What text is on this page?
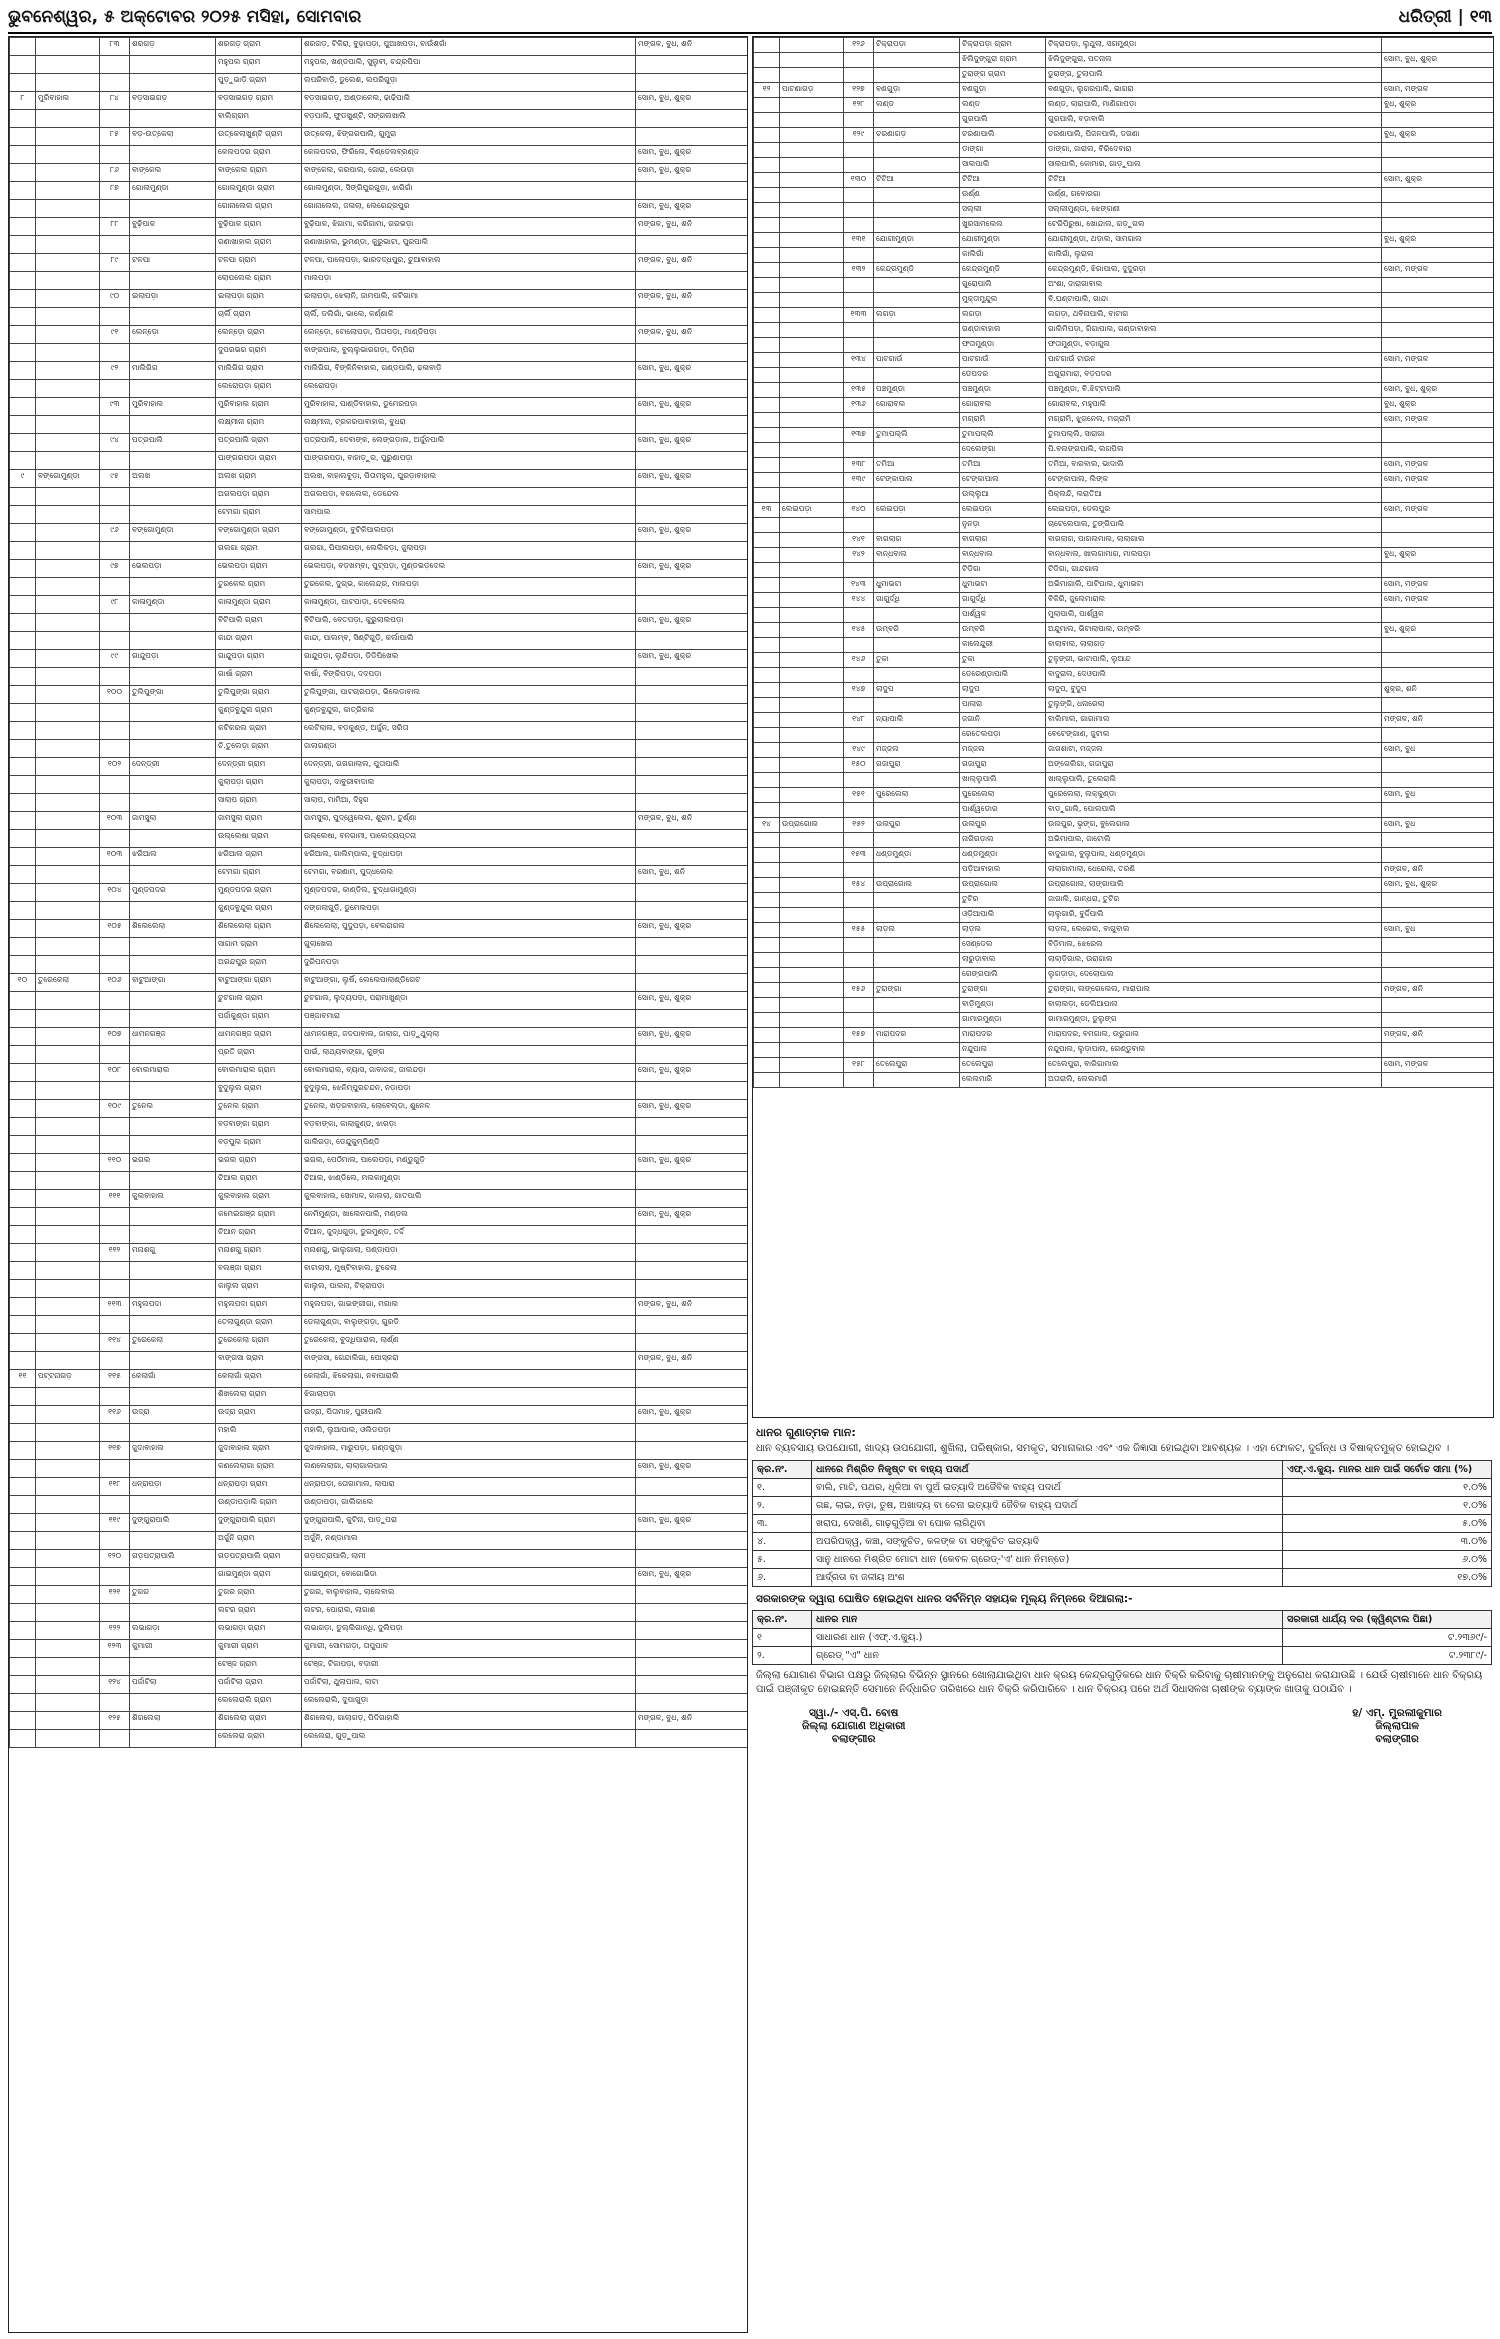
ଭୁବନେଶ୍ୱର, ୫ ଅକ୍ଟୋବର ୨୦୨୫ ମସିହା, ସୋମବାର	ଧରିତ୍ରୀ | ୧୩
		୮୩	ଶରଗଡ଼	ଶରଗଡ଼ ଗ୍ରାମ	ଶରଗଡ଼, ଟିକିରା, ବୁଢ଼ାପଡ଼ା, ପୁଆଖପଡ଼ା, ବାଉଁଶଗାଁ	ମଙ୍ଗଳ, ବୁଧ, ଶନି
				ମହୁପଲ ଗ୍ରାମ	ମହୁପଲ, ଖଣ୍ଡପାଲି, ସୁଲୁବୀ, ଚନ୍ଦ୍ରପିପା	
				ପୁଡ଼ୁଭାଡ଼ି ଗ୍ରାମ	ଲପରିବାଡ଼ି, ଡୁଲେଶ, ଲପରିଗୁଡ଼ା	
୮	ମୁରିବାହାଲ	୮୪	ବଡ଼ସାଇଗଡ଼	ବଡ଼ସାଇଗଡ଼ ଗ୍ରାମ	ବଡ଼ସାଇଗଡ଼, ଅଣ୍ଡାଳେଲ, ଢାଢିପାଲି	ସୋମ, ବୁଧ, ଶୁକ୍ର
				ବାଲିଗ୍ରାମ	ବଡ଼ପାଲି, ଫୁଡଖୁଣ୍ଟି, ସଙ୍ଗଲଖାଲି	
		୮୫	ବଡ଼-ଉତ୍କେଲା	ଉତ୍କେଲାଖୁଣ୍ଟି ଗ୍ରାମ	ଉତ୍କେଲା, ଝିଙ୍ଗରପାଲି, ଗୁମୁରା	
				କେଲପଦର ଗ୍ରାମ	କେଲପଦର, ଫିରିଲେ, ବିଣ୍ଡେଲବ୍ରଣ୍ଡ	ସୋମ, ବୁଧ, ଶୁକ୍ର
		୮୬	ବାଙ୍କେଲ	ବାଙ୍କେଲ ଗ୍ରାମ	ବାଙ୍କେଲ, କରପାଲ, ଜୋରା, ଲେଉଡ଼ା	ସୋମ, ବୁଧ, ଶୁକ୍ର
		୮୭	ଗୋଲମୁଣ୍ଡା	ଗୋଲମୁଣ୍ଡା ଗ୍ରାମ	ଗୋଲମୁଣ୍ଡା, ସିଙ୍ଗିପୁରଗୁଡ଼ା, ଝାରିଗାଁ	
				ଗୋନାଲେଲ ଗ୍ରାମ	ଗୋନାଲେଲ, ଜଳାଲା, ଲେରେନ୍ଦ୍ରପୁର	ସୋମ, ବୁଧ, ଶୁକ୍ର
		୮୮	ବୁଢ଼ିପାଳ	ବୁଢ଼ିପାଳ ଗ୍ରାମ	ବୁଢ଼ିପାଳ, ଝିଗାମା, କରିଗାମା, ଗରଭଡ଼ା	ମଙ୍ଗଳ, ବୁଧ, ଶନି
				ରଣାଖାହାଲ ଗ୍ରାମ	ରଣାଖାହାଲ, ଭୁମଣ୍ଡା, କୁରୁଭାଟା, ପୁରପାଲି	
		୮୯	ଟଳପା	ଟଳପା ଗ୍ରାମ	ଟଳପା, ପାଲୋପଡ଼ା, ଭାରଦଦ୍ଧପୁର, ଚୁଆବାହାଲ	ମଙ୍ଗଳ, ବୁଧ, ଶନି
				ଲୋପଲେଲ ଗ୍ରାମ	ମାଲପଡ଼ା	
		୯୦	ଇଲାପଡ଼ା	ଇଲାପଡ଼ା ଗ୍ରାମ	ଇଲାପଡ଼ା, ଝେଲାନି, ଜାମପାଲି, କଟିଗାମା	ମଙ୍ଗଳ, ବୁଧ, ଶନି
				ଚାର୍ଲି ଗ୍ରାମ	ଚାର୍ଲି, ଡଲିଗାଁ, ଭାଲେ, କର୍ଣ୍ଣାଳି	
		୯୧	ଲେନ୍‌ଡ଼ୋ	ଲେନ୍‌ଡ଼ୋ ଗ୍ରାମ	ଲେନ୍‌ଡ଼ୋ, ଟୋଲୋପଡ଼ା, ପିତାପଡ଼ା, ମାଣ୍ଡିପଡ଼ା	ମଙ୍ଗଳ, ବୁଧ, ଶନି
				ଦୁପରଭର ଗ୍ରାମ	ବାଙ୍ଗପାଲ, ବୁଲ୍ଲୁଭାରଗଡ଼ା, ଦିମ୍ପିରା	
		୯୨	ମାଲିଗିଗ	ମାଲିଗିଗ ଗ୍ରାମ	ମାଲିଗିଗ, ବିଙ୍କିନିବାହାଲ, ଗଣ୍ଡପାଲି, ଢଳାବାଡ଼ି	ସୋମ, ବୁଧ, ଶୁକ୍ର
				ଲେରୋପଡ଼ା ଗ୍ରାମ	ଲେରୋପଡ଼ା	
		୯୩	ମୁରିବାହାଲ	ମୁରିବାହାଲ ଗ୍ରାମ	ମୁରିବାହାଲ, ପାଣ୍ଡିବାହାଲ, ଡୁମେରପଡ଼ା	ସୋମ, ବୁଧ, ଶୁକ୍ର
				ଲକ୍ଷ୍ମୀନା ଗ୍ରାମ	ଲକ୍ଷ୍ମୀନା, ଟ୍ରକରପାବାହାଲ, ବୁଧରା	
		୯୪	ପତ୍ରପାଲି	ପତ୍ରପାଲି ଗ୍ରାମ	ପତ୍ରପାଲି, ଦେବାଙ୍କ, ଲେଙ୍ଗଡ଼ାଲ, ଅର୍ଜୁନପାଲି	ସୋମ, ବୁଧ, ଶୁକ୍ର
				ଘାଙ୍ଗରପଡ଼ା ଗ୍ରାମ	ଘାଙ୍ଗରପଡ଼ା, ବାହାଡ଼ୁର, ପୁରୁଣାପଡ଼ା	
୯	ବଙ୍ଗୋମୁଣ୍ଡା	୯୫	ଅଲଖ	ଅଲଖ ଗ୍ରାମ	ଅଲଖ, ବାହାଲବୁଡ଼ା, ପିତାମହୁଲ, ଘୁରଡ଼ାବାହାଲ	ସୋମ, ବୁଧ, ଶୁକ୍ର
				ଅଗଲପଡ଼ା ଗ୍ରାମ	ଅଗଲପଡ଼ା, ବଗଲେଲ, ଡେନ୍ଦେଲ	
				ଟେମଗା ଗ୍ରାମ	ସାମପାଲ	
		୯୬	ବଙ୍ଗୋମୁଣ୍ଡା	ବଙ୍ଗୋମୁଣ୍ଡା ଗ୍ରାମ	ବଙ୍ଗୋମୁଣ୍ଡା, ବୁଟିକିପାଲପଡ଼ା	ସୋମ, ବୁଧ, ଶୁକ୍ର
				ଗଲଗା ଗ୍ରାମ	ଗଲଗା, ପିପାଲପଡ଼ା, ଲେଲିକଡ଼ା, ଜୁଲାପଡ଼ା	
		୯୭	ଭେଲପଡ଼ା	ଭେଲପଡ଼ା ଗ୍ରାମ	ଭେଲପଡ଼ା, ବଡ଼ଖମ୍ବା, ପୁଟ୍‌ପଡ଼ା, ମୁଣ୍ଡଭଡ଼ଦେଲ	ସୋମ, ବୁଧ, ଶୁକ୍ର
				ତୁରକେଲ ଗ୍ରାମ	ତୁରକେଲ, ଦୁଗ୍‌ଭ, କାଲେନ୍ଦ୍ର, ମାଲପଡ଼ା	
		୯୮	କାଳାମୁଣ୍ଡା	କାଳାମୁଣ୍ଡା ଗ୍ରାମ	କାଳାମୁଣ୍ଡା, ପାଟପାଡ଼ା, ଦେବଲେଲ	
				ବିଟିପାଲି ଗ୍ରାମ	ବିଟିପାଲି, ବେତପଡ଼ା, କୁରୁଲାଲପଡ଼ା	ସୋମ, ବୁଧ, ଶୁକ୍ର
				କାନ୍ଦା ଗ୍ରାମ	କାନ୍ଦା, ପାଲମ୍ବ, ସିଣ୍ଟିଗୁଡ଼ି, କର୍ଲାପାଲି	
		୯୯	ଗାନ୍ଦୁପଡ଼ା	ଗାନ୍ଦୁପଡ଼ା ଗ୍ରାମ	ଗାନ୍ଦୁପଡ଼ା, ଲୁନ୍ଦିପଡ଼ା, ଡିଡିପିଖେଲ	ସୋମ, ବୁଧ, ଶୁକ୍ର
				ଗାର୍ଷା ଗ୍ରାମ	ବାର୍ଷା, ବିଙ୍କିପଡ଼ା, ଦଦପଡ଼ା	
		୧୦୦	ତୁଲିପୁଙ୍ଗା	ତୁଲିପୁଙ୍ଗା ଗ୍ରାମ	ତୁଲିପୁଙ୍ଗା, ପାଟଚାରପଡ଼ା, ଭିଲେଡାବାଲ	
				କୁଣ୍ଡବୁନ୍ଦୁଲ ଗ୍ରାମ	କୁଣ୍ଡବୁନ୍ଦୁଲ, କାତ୍ରିକଲ	
				କଟିକରଲ ଗ୍ରାମ	ଲେଟିଲାଲ, ବଡ଼କୁଣ୍ଡ, ଅର୍ଜୁନ, ସରିତା	
				ଚି.ତୁଲେଡ଼ା ଗ୍ରାମ	ଜାଲାଗଣ୍ଡା	
		୧୦୨	ଦେନ୍‌ଡ୍ରୀ	ଦେନ୍‌ଡ୍ରୀ ଗ୍ରାମ	ଦେନ୍‌ଡ୍ରୀ, ଗଗଗାଲାଲ, ପୁତାପାଲି	
				କୁଲାପଡ଼ା ଗ୍ରାମ	କୁଲାପଡ଼ା, ଦାବୁରୀବାଦାଲ	
				ସାଲାପ ଗ୍ରାମ	ସାଲାପ, ମାମିଆ, ଦିହୁର	
		୧୦୩	ଜାମସୁଲା	ଜାମସୁଲା ଗ୍ରାମ	ଜାମସୁଲା, ପୁଦ୍ୱେଲେଲ, ଶୁରାମ, ତୁର୍ଣ୍ଣା	ମଙ୍ଗଳ, ବୁଧ, ଶନି
				ଉଲ୍ଲେଷା ଗ୍ରାମ	ଉଲ୍ଲେଷା, ବନଗାମୀ, ପାଲେଦ୍ୟପ୍ତନା	
		୧୦୩	ଝରିଆଲ	ଝରିଆଲ ଗ୍ରାମ	ଝରିଆଲ, ଗାଲିମ୍ପାଲ, ବୁଦ୍ଧାପଡ଼ା	
				ଟେମଗା ଗ୍ରାମ	ଟେମଗା, ବରଣାମ, ପୁଦ୍ଧଲେଲ	ସୋମ, ବୁଧ, ଶନି
		୧୦୪	ମୁଣ୍ଡପଦର	ମୁଣ୍ଡପଦର ଗ୍ରାମ	ମୁଣ୍ଡପଦର, କାଣ୍ଡିଲ, ବୁଦ୍ଧାଗାମୁଣ୍ଡା	
				କୁଣ୍ଡବୁନ୍ଦୁଲ ଗ୍ରାମ	ନଙ୍ଗଲାଗୁଡ଼ି, ଡୁମେଲପଡ଼ା	
		୧୦୫	ଶିଲେଲେଲା	ଶିଲେଲେଲା ଗ୍ରାମ	ଶିଲେଲେଲା, ପୁଦୁପଡ଼ା, ବେଲରାଗଲ	ସୋମ, ବୁଧ, ଶୁକ୍ର
				ସାଗାମ ଗ୍ରାମ	ଗୁଲାଖେଲ	
				ଅରନ୍ଦପୁର ଗ୍ରାମ	ଦୁରିପନପଡ଼ା	
୧୦	ତୁରେକେଲା	୧୦୬	ବାଟୁଆଙ୍ଗା	ବାଟୁଆଙ୍ଗା ଗ୍ରାମ	ବାଟୁଆଙ୍ଗା, ଲୁର୍ଷି, ଲେଲେପାଲାଣ୍ଡିଗେଟ	
				ଚୁଟଗାଲ ଗ୍ରାମ	ଚୁଟଗାଲ, ଲୁଦ୍ୟପଡ଼ା, ପରାମାଖୁଣ୍ଡା	ସୋମ, ବୁଧ, ଶୁକ୍ର
				ପର୍ଜାକୁଣ୍ଡା ଗ୍ରାମ	ପଞ୍ଜାବମାରା	
		୧୦୭	ଧାମନଗଞ୍ଜ	ଧାମନଗଞ୍ଜ ଗ୍ରାମ	ଧାମନଗଞ୍ଜ, ଜଦପାବାଲ, ଜାଲାଗ, ପାଡ଼ୁଥୁଲ୍ଲା	ସୋମ, ବୁଧ, ଶୁକ୍ର
				ପ୍ରତି ଗ୍ରାମ	ପାଇଁ, ଲାଥ୍ୟବାଙ୍ଗା, କୁଙ୍ଗ	
		୧୦୮	ବୋଲମାରାଲ	ବୋଲମାରାଲ ଗ୍ରାମ	ବୋଲମାରାଲ, ବ୍ୟାସ, ଜାବାଜକ, ଜାଲନ୍ଦଡ଼ା	ସୋମ, ବୁଧ, ଶୁକ୍ର
				ବୁଦୁଲୁଲ ଗ୍ରାମ	ବୁଦୁଲୁଲ, ଝେନିମ୍ପୁରଚନ୍ଦନ, ନଡ଼ାପଡ଼ା	
		୧୦୯	ତୁନେଲ	ତୁନେଲ ଗ୍ରାମ	ତୁନେଲ, ଖଡ଼ଗବାହାଲ, ଲୋବେଲ୍ଡା, ଶୁନେଳ	ସୋମ, ବୁଧ, ଶୁକ୍ର
				ବଡ଼ବାଙ୍କା ଗ୍ରାମ	ବଡ଼ବାଙ୍କା, କାଲାକୁଣ୍ଡ, ଝାରଡ଼ା	
				ବଡ଼ପୁଲ ଗ୍ରାମ	ଗାଲିରଡ଼ା, ଡେନ୍ଦୁକୁମ୍ପିଣ୍ଡି	
		୧୧୦	ଭଗଲ	ଭଗଲ ଗ୍ରାମ	ଭଗଲ, ପେଠିମାଲ, ପାଲେପଡ଼ା, ମଣ୍ଡୁଗୁଡ଼ି	ସୋମ, ବୁଧ, ଶୁକ୍ର
				ଚିଆଲ ଗ୍ରାମ	ଚିଆଲ, ଝାଣ୍ଡିଲେ, ମଲକାମୁଣ୍ଡା	
		୧୧୧	କୁଲବାହାଲ	କୁଲବାହାଲ ଗ୍ରାମ	କୁଲବାହାଲ, ସୋମାଳ, କାଲଲା, ଗାତପାଲି	
				କମେଇଗଞ୍ଜ ଗ୍ରାମ	ନେମିମୁଣ୍ଡା, ଖାଲେନପାଲି, ମଣ୍ଡଲ	ସୋମ, ବୁଧ, ଶୁକ୍ର
				ଚିଆନ ଗ୍ରାମ	ଚିଆନ, ଜୁଦ୍ଧଗୁଡ଼ା, ଡୁରମୁଣ୍ଡ, ତର୍ଦ୍ଦି	
		୧୧୨	ମନାଶଗୁ	ମନାଶଗୁ ଗ୍ରାମ	ମନାଶଗୁ, ଭାଲୁଗାଲା, ପଣ୍ଡାପଡ଼ା	
				ବଲଞ୍ଜା ଗ୍ରାମ	ବାଟାଲାସ, ମୁଷ୍ଟିବାହାଲ, ଟୁକେଲା	
				କାଲୁଲ ଗ୍ରାମ	କାଲୁଲ, ପାଲନା, ଟିକ୍ରାପଡ଼ା	
		୧୧୩	ମହୁଲପଦା	ମହୁଲପଦା ଗ୍ରାମ	ମହୁଲପଦା, ଗାଇଙ୍ଗୀଗା, ମଗାଲ	ମଙ୍ଗଳ, ବୁଧ, ଶନି
				ତେଲାଗୁଣ୍ଡା ଗ୍ରାମ	ଡେଲାଗୁଣ୍ଡା, ବାଲୁଙ୍ଗଡ଼ା, ଗୁରଡି	
		୧୧୪	ତୁରେକେଲା	ତୁରେକେଲା ଗ୍ରାମ	ତୁରେକେଲା, ବୁଦ୍ଧିପାରାଲ, ଲାର୍ଣ୍ଣ	
				ବାଙ୍ଗସା ଗ୍ରାମ	ବାଙ୍ଗସା, ଗେନ୍ଦାଲିଗା, ପୋସ୍କରା	ମଙ୍ଗଳ, ବୁଧ, ଶନି
୧୧	ପଟ୍ଟନାଗଡ଼	୧୧୫	କେଲାଗାଁ	କେଲାଗାଁ ଗ୍ରାମ	କେଲାଗାଁ, ଝିକେଲାଗା, ନବାପାରାଲି	
				ଶିଖଲେଲା ଗ୍ରାମ	ଝିଗାଚାପଡ଼ା	
		୧୧୬	ଉଦ୍ରା	ଉଦ୍ରା ଗ୍ରାମ	ଉଦ୍ରା, ପିତାମାହ, ପୁରୀପାଲି	ସୋମ, ବୁଧ, ଶୁକ୍ର
				ମହାଲି	ମହାଲି, ଲୁଆପାଲ, ଓଲିଡପଡ଼ା	
		୧୧୭	ଜୁଦାବାହାଲ	ଜୁଦାବାହାଲ ଗ୍ରାମ	ଜୁଦାବାହାଲ, ମାରୁପଡ଼ା, ଗଣ୍ଡଗୁଡ଼ା	
				କଣଲେଲାଗା ଗ୍ରାମ	ଲଣଲେଲାଗା, ଲାଲାଗାଲପାଲ	ସୋମ, ବୁଧ, ଶୁକ୍ର
		୧୧୮	ଧନ୍‌ରାପଡ଼ା	ଧନ୍‌ରାପଡ଼ା ଗ୍ରାମ	ଧନ୍‌ରାପଡ଼ା, ତୋଗାମାଲ, ଲାପାରା	
				ଉଣ୍ଡାପଡ଼ାଲି ଗ୍ରାମ	ଉଣ୍ଡାପଡ଼ା, ଗାଲିକାଲେ	
		୧୧୯	ଦୁଙ୍ଗୁରାପାଲି	ଦୁଙ୍ଗୁରାପାଲି ଗ୍ରାମ	ଦୁଙ୍ଗୁରାପାଲି, କୁଟିନା, ପାଡ଼ୁପରା	ସୋମ, ବୁଧ, ଶୁକ୍ର
				ଅର୍ଜୁନି ଗ୍ରାମ	ଅର୍ଜୁନି, ନଣ୍ଡାମାଲ	
		୧୨୦	ଗଡ଼ପତ୍ରାପାଲି	ଗଡ଼ପତ୍ରାପାଲି ଗ୍ରାମ	ଗଡ଼ପତ୍ରାପାଲି, ଲାମୀ	
				ଗାଇମୁଣ୍ଡା ଗ୍ରାମ	ଗାଇମୁଣ୍ଡା, ବୋଗୋଭିଡା	ସୋମ, ବୁଧ, ଶୁକ୍ର
		୧୨୧	ତୁଗର	ତୁଗର ଗ୍ରାମ	ତୁଗର, ବାଲୁବାହାଲ, ଲାଲେବାଲ	
				ଲଟର ଗ୍ରାମ	ଲଟର, ପୋରାଲ, ଲାଗାଶ	
		୧୨୨	ଲଭାଗଡ଼ା	ଲଭାଗଡ଼ା ଗ୍ରାମ	ଲଭାଗଡ଼ା, ଡୁଲ୍ଲିଗାନ୍ଧି, ଦୁଲିପଡ଼ା	
		୧୨୩	କୁମାରୀ	କୁମାରୀ ଗ୍ରାମ	କୁମାରୀ, ସୋମଗଡ଼ା, ତାପୁପାଳ	
				ଟେଞ୍ଜ ଗ୍ରାମ	ଟେଞ୍ଜ, ଟିକାପଡ଼ା, ବଡ଼ାରୀ	
		୧୨୪	ପର୍ଜାଟିଲା	ପର୍ଜାଟିଲା ଗ୍ରାମ	ପର୍ଜାଟିଲା, ଥୁଲାପାଲ, ଲାଟା	
				ଲେଲେରାଲି ଗ୍ରାମ	ଲେଲେରାଲି, ଦୁପାଗୁଡ଼ା	
		୧୨୫	ଶିଗଲେଲା	ଶିଗଲେଲା ଗ୍ରାମ	ଶିଗଲେଲା, ଗାଲାଗଡ଼, ପିଦିଗାହାଲି	ମଙ୍ଗଳ, ବୁଧ, ଶନି
				ଲେଲେରା ଗ୍ରାମ	ଲେଲେରା, ଗୁଡ଼ୁପାଲ	
		୧୨୬	ଟିକ୍ରାପଡ଼ା	ଟିକ୍ରାପଡ଼ା ଗ୍ରାମ	ଟିକ୍ରାପଡ଼ା, ଲୁଥୁଲା, ସଗମୁଣ୍ଡା	
				ଝିଲିଦୁଙ୍ଗୁରା ଗ୍ରାମ	ଝିଲିଦୁଙ୍ଗୁରା, ପତନାଲ	ସୋମ, ବୁଧ, ଶୁକ୍ର
				ତୁରାଙ୍ଗ ଗ୍ରାମ	ଡୁରାଙ୍ଗ, ତୁଲାପାଲି	
୧୨	ପାଟଣାଗଡ଼	୧୨୭	ବଣଗୁଡ଼ା	ବଣଗୁଡ଼ା	ବଣଗୁଡ଼ା, ଲୁଗରପାଲି, ଭାଗରା	ସୋମ, ମଙ୍ଗଳ
		୧୨୮	ଲଣ୍ଡ	ଲଣ୍ଡ	ଲଣ୍ଡ, ଲାରାପାଲି, ମାଣିଗାପଡ଼ା	ବୁଧ, ଶୁକ୍ର
				ଗୁରପାଲି	ଗୁରପାଲି, ବଡ଼ାବାଲି	
		୧୨୯	ଚରଣାଗଡ଼	ଚରଣାପାଲି	ଚରଣାପାଲି, ପିଜନପାଲି, ଡଗଣା	ବୁଧ, ଶୁକ୍ର
				ଡାଙ୍ଗା	ଡାଙ୍ଗା, ଜାରାଲ, ବିରିଦେବାରା	
				ସାଲପାଲି	ସାଲପାଲି, କୋମାର, ଗାଡ଼ୁପାଲ	
		୧୩୦	ଟିଟିଆ	ଟିଟିଆ	ଟିଟିଆ	ସୋମ, ଶୁକ୍ର
				ଉର୍ଣ୍ଣ	ଉର୍ଣ୍ଣ, ଗବୋରଗା	
				ସଲ୍ଲୀ	ସଲ୍ଲୀମୁଣ୍ଡା, ଝେଙ୍ଗଣୀ	
				ଖୁରସାମଲେଲ	ଟେରିପିରୁଷା, ଖୋନ୍ଦାଲ, ଗଡ଼ୁଗଲ	
		୧୩୧	ଯୋଗୀମୁଣ୍ଡା	ଯୋଗୀମୁଣ୍ଡା	ଯୋଗୀମୁଣ୍ଡା, ଥଡ଼ାଲ, ସାମଗାଲ	ବୁଧ, ଶୁକ୍ର
				କାଲିଗାଁ	କାଲିଗାଁ, ଲୁରାଲ	
		୧୩୨	କେନ୍ଦ୍ରମୁଣ୍ଡି	କେନ୍ଦ୍ରମୁଣ୍ଡି	କେନ୍ଦ୍ରମୁଣ୍ଡି, ଝିଗାପାଲ, ଦୁଦୁରଡ଼ା	ସୋମ, ମଙ୍ଗଳ
				ଗୁରୋପାଲି	ଅଂଶା, ଦାରାଗାବାଲ	
				ମୁକ୍ତାମୁନ୍ଦୁଲ	ବି.ଘଣ୍ଟାପାଲି, ଗାନ୍ଦା	
		୧୩୩	ଲଗଡ଼ା	ଲଗଡ଼ା	ଲଗଡ଼ା, ଥବିନାପାଲି, ବାଟାଗ	
				ଗଣ୍ଡାବାହାଲ	ଗାଲିମିପଡ଼ା, ଗିଗାପାଲ, ଗଣ୍ଡାବାହାଲ	
				ଫତାମୁଣ୍ଡା	ଫତାମୁଣ୍ଡା, ବଡ଼ାଗୁଲ	
		୧୩୪	ପାଟଗାଉଁ	ପାଟଗାଉଁ	ପାଟଗାଉଁ ଟାଉନ	ସୋମ, ମଙ୍ଗଳ
				ଡେପଦର	ଅଗୁରାମାରା, ବଡ଼ପଦର	
		୧୩୫	ପଞ୍ଚମୁଣ୍ଡା	ପଞ୍ଚମୁଣ୍ଡା	ପଞ୍ଚମୁଣ୍ଡା, ବି.ଝିଟ୍ଟାପାଲି	ସୋମ, ବୁଧ, ଶୁକ୍ର
		୧୩୬	ଗୋରାବଲ	ଗୋରାବଲ	ଗୋରାବଲ, ମହୁପାଲି	ବୁଧ, ଶୁକ୍ର
				ମଗ୍ରାମି	ମଗ୍ରାମି, ଝୁଗନେଲ, ମଗ୍ରାମି	ସୋମ, ମଙ୍ଗଳ
		୧୩୭	ତୁମାପଲ୍ଲି	ତୁମାପଲ୍ଲି	ତୁମାପଲ୍ଲି, ସାରାଗା	
				ଦେଲେଙ୍ଗା	ପି.ବଲଙ୍ଗପାଲି, ଲଗପିଲ	
		୧୩୮	ତମିଆ	ତମିଆ	ତମିଆ, ବାରବାଲ, ଭାଦାଲି	ସୋମ, ମଙ୍ଗଳ
		୧୩୯	ଟେଙ୍କାପାଲ	ଟେଙ୍କାପାଲ	ଟେଙ୍କାପାଲ, ଲିଙ୍କ	ସୋମ, ମଙ୍ଗଳ
				ଉଲ୍ଲୁଆ	ପିକ୍ଲନ୍ଦି, ଲରାତିଆ	
୧୩	ଲେଇପଡ଼ା	୧୪୦	ଲେଇପଡ଼ା	ଲେଇପଡ଼ା	ଲେଇପଡ଼ା, ଡେଲପୁର	ସୋମ, ମଙ୍ଗଳ
				ନୁନଡ଼ା	ଚାଟେଲେପାଲ, ତୁଙ୍ଗିପାଲି	
		୧୪୧	ବାଗଲାଗ	ବାଗଲାଗ	ବାଗଲାଗ, ପାଗଲମାଲ, ଲାଲାଗାଲ	
		୧୪୨	ବାନ୍ଧବାଲ	ବାନ୍ଧବାଲ	ବାନ୍ଧବାଲ, ଖାଲଗାମାଗ, ମାଲପଡ଼ା	ବୁଧ, ଶୁକ୍ର
				ଟିଡିଗା	ଟିଡିଗା, ଗାନ୍ଦଗାଲ	
		୧୪୩	ଧୁମାଭଟା	ଧୁମାଭଟା	ଅଭିମାଗାଲି, ପାଟିପାଲ, ଧୁମାଭଟା	ସୋମ, ମଙ୍ଗଳ
		୧୪୪	ଗାଗୁର୍ଦ୍ଧି	ଗାଗୁର୍ଦ୍ଧି	ବିକିରି, ଜୁଲେମାରାଲ	ସୋମ, ମଙ୍ଗଳ
				ପାର୍ଶ୍ୱଳ	ମୁଲାପାଲି, ପାର୍ଶ୍ୱଳ	
		୧୪୫	ଉମ୍ବରି	ଉମ୍ବରି	ଅନ୍ଦୁମାଲ, ଭିଟାଲାପାଲ, ଉମ୍ବରି	ବୁଧ, ଶୁକ୍ର
				କାଲେନ୍ଦୁରୀ	ବାଲାବାଲ, ଲାଲାଗଡ଼	
		୧୪୬	ତୁକା	ତୁକା	ତୁଳୁଙ୍ଗୀ, ଭାଟାପାଲି, ଲୁଆନ୍ଦ	
				ଡେରେଣ୍ଡାପାଲି	ବାଦୁରାଲ, ଦେଓପାଲି	
		୧୪୭	ଲାଦୁପ	ଲାଦୁପ	ଲାଦୁପ, ବୁଦୁପ	ଶୁକ୍ର, ଶନି
				ପାଲାରା	ତୁଲୁଙ୍ଗି, ଧନାରେଲା	
		୧୪୮	ନ୍ୟାପାଲି	ଜଗାନି	ବାଲିମାଲ, ଗାଗାମାଲ	ମଙ୍ଗଳ, ଶନି
				ରେତେଲପଡ଼ା	ବେଟେଙ୍ଗାଣ, ଜୁଟାଲ	
		୧୪୯	ମଜ୍ଜଲ	ମଜ୍ଜଲ	ଜାଗଶାଟା, ମଜ୍ଜଲ	ସୋମ, ବୁଧ
		୧୫୦	ଗଜାପୁରା	ଗଜାପୁରା	ଅଙ୍ଗେଲିଗା, ଗଜାପୁରା	
				ଖାଲ୍ଲୁପାଲି	ଖାଲ୍ଲୁପାଲି, ତୁଲେରାଲି	
		୧୫୧	ପୁରେଲେଲା	ପୁରେଲେଲା	ପୁରେଲେଲା, ଲକ୍କୁଣ୍ଡା	ସୋମ, ବୁଧ
				ପାର୍ଶ୍ୱଡୋର	ବାଡ଼ୁଗାଲି, ପୋଲପାଲି	
୧୪	ଉପ୍ରାଗୋଲ	୧୫୨	ଉଲପୁର	ଉଲପୁର	ଉଲପୁର, ଭୃଙ୍ଗ, ବୁଲେଗାଲ	ସୋମ, ବୁଧ
				ନାରିଗଡ଼ାଲ	ଅଭିମାପାଲ, ଜାଟୋଲି	
		୧୫୩	ଧଣ୍ଡମୁଣ୍ଡା	ଧଣ୍ଡମୁଣ୍ଡା	ବାଦୁଗାଲ, ବୁଲୁପାଲ, ଧଣ୍ଡମୁଣ୍ଡା	
				ପଡ଼ିଆବାହାଲ	ଲାଲାଗାମାଲା, ଧେରେଲା, ତରଣି	ମଙ୍ଗଳ, ଶନି
		୧୫୪	ଉପ୍ରାଗୋଲ	ଉପ୍ରାଗୋଲ	ଉପ୍ରାଗୋଲ, ଲାଙ୍ଗାପାଲି	ସୋମ, ବୁଧ, ଶୁକ୍ର
				ତୁଟିର	ଜାଗାଲି, ଗାନ୍ଧରା, ତୁଟିର	
				ଓଡ଼ିଆପାଲି	ଲାଲୁଗାରି, ବୁର୍ଦ୍ଦିପାଲି	
		୧୫୫	ଲାଡ଼ଲ	ଲାଡ଼ଲ	ଲାଡ଼ଲ, ଲେରେଲ, ବାଗୁବାଲ	ସୋମ, ବୁଧ
				ସେଣ୍ଡେଲ	ବିଡ଼ିମାଲ, ଝେରେଲ	
				ଲାରୁଡ଼ାବାଲ	ଲାଲାଡ଼ିଗାଲ, ଉରାଗାଲ	
				ଗେଙ୍ଗପାଲି	ଲୁଗଡ଼ାଡ଼ା, ଦେଲୋପାଲ	
		୧୫୬	ତୁରାଙ୍ଗା	ତୁରାଙ୍ଗା	ତୁରାଙ୍ଗା, ଲଙ୍ଗେଲେଲ, ମାରାପାଲ	ମଙ୍ଗଳ, ଶନି
				ବାଡ଼ିମୁଣ୍ଡା	ବାଲାଲଡ଼ା, ଡେଲିଆପାଲ	
				ଗାମାରମୁଣ୍ଡା	ଗାମାରମୁଣ୍ଡା, ଡୁଲୁଙ୍ଗ	
		୧୫୭	ମାରାପଦର	ମାରାପଦର	ମାରାପଦର, ବମଗାଲ, ଉରୁଗାଲ	ମଙ୍ଗଳ, ଶନି
				ନନ୍ଦୁପାଲ	ନନ୍ଦୁପାଲ, ଲୁଡ଼ାପାଲ, ଗେଣ୍ଡୁବାଲ	
		୧୫୮	ତେଲେପୁରା	ତେଲେପୁରା	ତେଲେପୁରା, ବାରିଗାମାଲ	ସୋମ, ମଙ୍ଗଳ
				ଲେଲମାରି	ଅତାରାଲି, ଲେଲମାରି	
ଧାନର ଗୁଣାତ୍ମକ ମାନ:
ଧାନ ବ୍ୟବସାୟ ଉପଯୋଗୀ, ଖାଦ୍ୟ ଉପଯୋଗୀ, ଶୁଖିଲା, ପରିଷ୍କାର, ସମକୃତ, ସମାନାକାର ଏବଂ ଏକ ଜିଜ୍ଞାସା ହୋଇଥିବା ଆବଶ୍ୟକ । ଏହା ଫୋକଟ, ଦୁର୍ଗନ୍ଧ ଓ ବିଷାକ୍ତମୁକ୍ତ ହୋଇଥିବ ।
କ୍ର.ନଂ.	ଧାନରେ ମିଶ୍ରିତ ନିକୃଷ୍ଟ ବା ବାହ୍ୟ ପଦାର୍ଥ	ଏଫ୍.ଏ.କ୍ୟୁ. ମାନର ଧାନ ପାଇଁ ସର୍ବୋଚ୍ଚ ସୀମା (%)
୧.	ବାଲି, ମାଟି, ପଥର, ଧୂଳିଆ ବା ପୁଅଁ ଇତ୍ୟାଦି ଅଜୈବିକ ବାହ୍ୟ ପଦାର୍ଥ	୧.୦%
୨.	ଗଛ, ଲାଇ, ନଡ଼ା, ତୁଷ, ଅଖାଦ୍ୟ ବା ଚେନା ଇତ୍ୟାଦି ଜୈବିକ ବାହ୍ୟ ପଦାର୍ଥ	୧.୦%
୩.	ଖରାପ, ଦେଖଣି, ଗାଢ଼ଗୁଡ଼ିଆ ବା ପୋକ ଲାଗିଥିବା	୫.୦%
୪.	ଅପରିପକ୍ୱ, କଞ୍ଚା, ସଙ୍କୁଚିତ, କଳଙ୍କ ବା ସଙ୍କୁଚିତ ଇତ୍ୟାଦି	୩.୦%
୫.	ସାନୁ ଧାନରେ ମିଶ୍ରିତ ମୋଟା ଧାନ (କେବଳ ଗ୍ରେଡ୍-'ଏ' ଧାନ ନିମନ୍ତେ)	୬.୦%
୬.	ଆର୍ଦ୍ରତା ବା ଜଳୀୟ ଅଂଶ	୧୭.୦%
ସରକାରଙ୍କ ଦ୍ୱାରା ଘୋଷିତ ହୋଇଥିବା ଧାନର ସର୍ବନିମ୍ନ ସହାୟକ ମୂଲ୍ୟ ନିମ୍ନରେ ଦିଆଗଲା:-
କ୍ର.ନଂ.	ଧାନର ମାନ	ସରକାରୀ ଧାର୍ଯ୍ୟ ଦର (କ୍ୱିଣ୍ଟାଲ ପିଛା)
୧	ସାଧାରଣ ଧାନ (ଏଫ୍.ଏ.କ୍ୟୁ.)	ଟ.୨୩୬୯/-
୨.	ଗ୍ରେଡ୍ "ଏ" ଧାନ	ଟ.୨୩୮୯/-
ଜିଲ୍ଲା ଯୋଗାଣ ବିଭାଗ ପକ୍ଷରୁ ଜିଲ୍ଲାର ବିଭିନ୍ନ ସ୍ଥାନରେ ଖୋଲାଯାଇଥିବା ଧାନ କ୍ରୟ କେନ୍ଦ୍ରଗୁଡ଼ିକରେ ଧାନ ବିକ୍ରି କରିବାକୁ ଚାଷୀମାନଙ୍କୁ ଅନୁରୋଧ କରାଯାଉଛି । ଯେଉଁ ଚାଷୀମାନେ ଧାନ ବିକ୍ରୟ ପାଇଁ ପଞ୍ଜୀକୃତ ହୋଇଛନ୍ତି ସେମାନେ ନିର୍ଦ୍ଧାରିତ ତାରିଖରେ ଧାନ ବିକ୍ରି କରିପାରିବେ । ଧାନ ବିକ୍ରୟ ପରେ ଅର୍ଥ ସିଧାସଳଖ ଚାଷୀଙ୍କ ବ୍ୟାଙ୍କ ଖାତାକୁ ପଠାଯିବ ।
ସ୍ୱା./- ଏସ୍.ପି. ବୋଷ
ଜିଲ୍ଲା ଯୋଗାଣ ଅଧିକାରୀ
ବଲାଙ୍ଗୀର
ହ/ ଏମ୍. ମୁରଲୀକୁମାର
ଜିଲ୍ଲାପାଳ
ବଲାଙ୍ଗୀର
